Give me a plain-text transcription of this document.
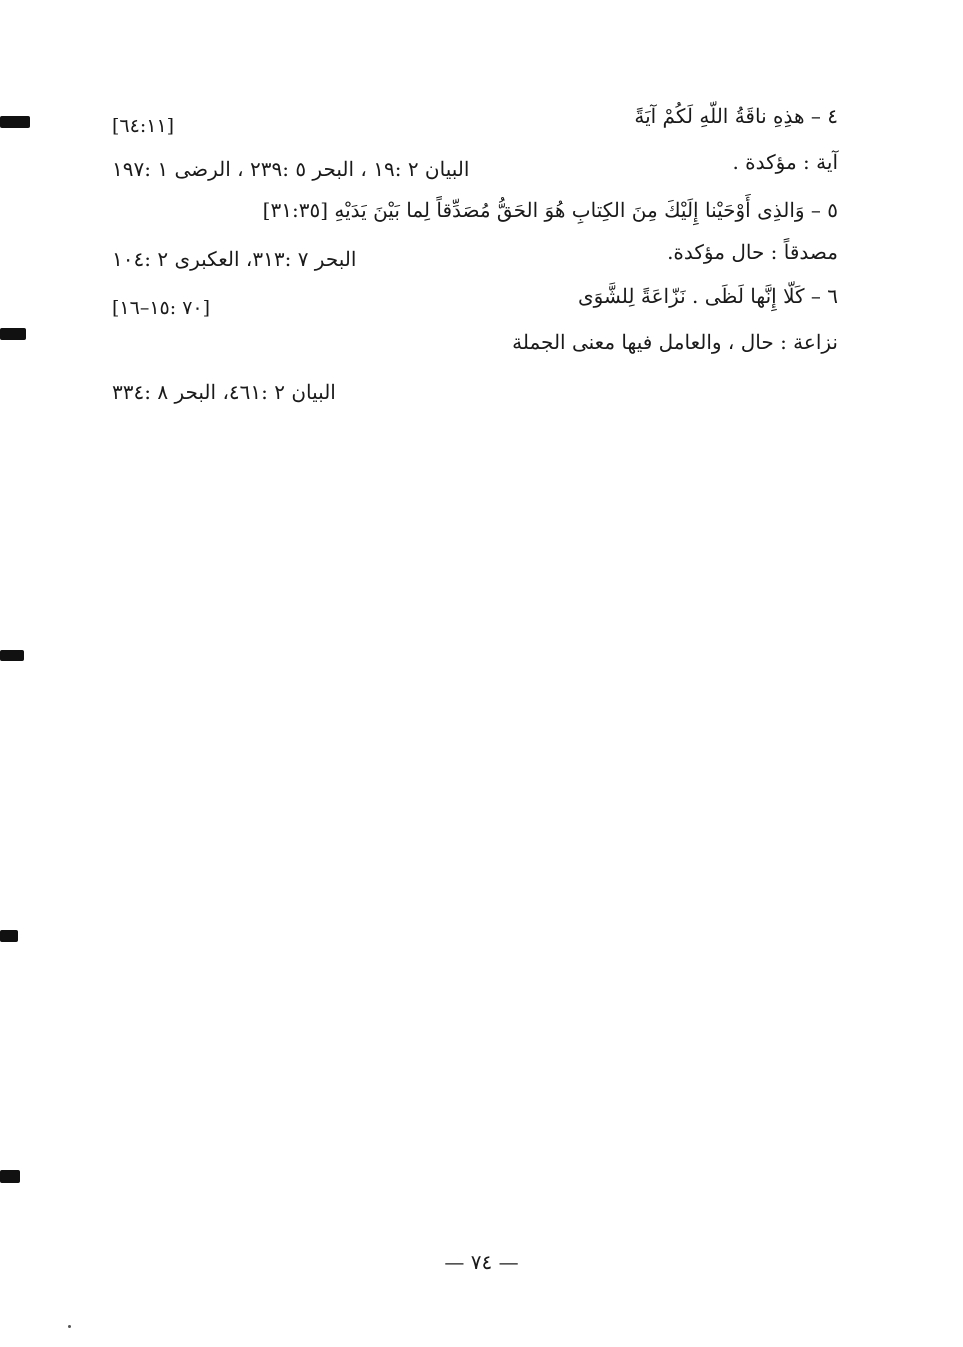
٤ – هذِهِ ناقَةُ اللّهِ لَكُمْ آيَةً
[٦٤:١١]
آية : مؤكدة .
البيان ٢ :١٩ ، البحر ٥ :٢٣٩ ، الرضى ١ :١٩٧
٥ – وَالذِى أَوْحَيْنا إِلَيْكَ مِنَ الكِتابِ هُوَ الحَقُّ مُصَدِّقاً لِما بَيْنَ يَدَيْهِ [٣١:٣٥]
مصدقاً : حال مؤكدة.
البحر ٧ :٣١٣، العكبرى ٢ :١٠٤
٦ – كَلّا إِنَّها لَظَى . نَزّاعَةً لِلشَّوَى
[٧٠ :١٥–١٦]
نزاعة : حال ، والعامل فيها معنى الجملة
البيان ٢ :٤٦١، البحر ٨ :٣٣٤
— ٧٤ —
